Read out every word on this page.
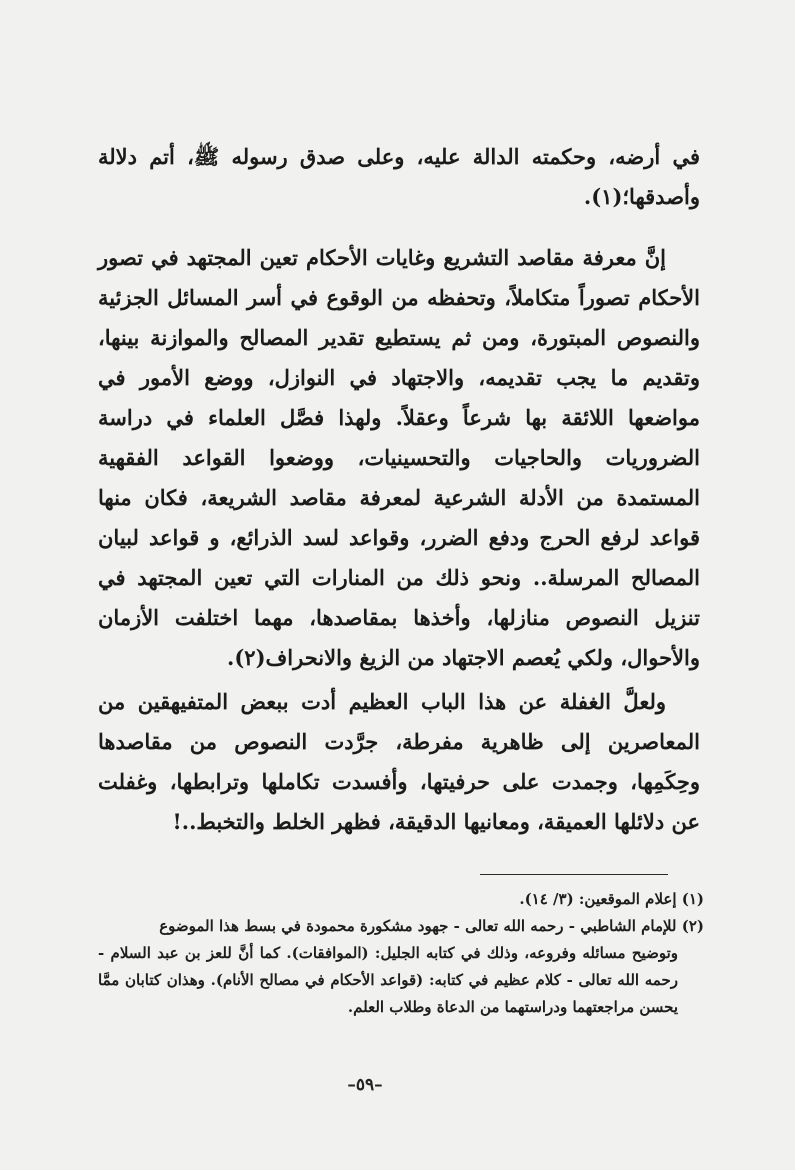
في أرضه، وحكمته الدالة عليه، وعلى صدق رسوله ﷺ، أتم دلالة وأصدقها؛(١).

إنَّ معرفة مقاصد التشريع وغايات الأحكام تعين المجتهد في تصور الأحكام تصوراً متكاملاً، وتحفظه من الوقوع في أسر المسائل الجزئية والنصوص المبتورة، ومن ثم يستطيع تقدير المصالح والموازنة بينها، وتقديم ما يجب تقديمه، والاجتهاد في النوازل، ووضع الأمور في مواضعها اللائقة بها شرعاً وعقلاً. ولهذا فصَّل العلماء في دراسة الضروريات والحاجيات والتحسينيات، ووضعوا القواعد الفقهية المستمدة من الأدلة الشرعية لمعرفة مقاصد الشريعة، فكان منها قواعد لرفع الحرج ودفع الضرر، وقواعد لسد الذرائع، و قواعد لبيان المصالح المرسلة.. ونحو ذلك من المنارات التي تعين المجتهد في تنزيل النصوص منازلها، وأخذها بمقاصدها، مهما اختلفت الأزمان والأحوال، ولكي يُعصم الاجتهاد من الزيغ والانحراف(٢).

ولعلَّ الغفلة عن هذا الباب العظيم أدت ببعض المتفيهقين من المعاصرين إلى ظاهرية مفرطة، جرَّدت النصوص من مقاصدها وحِكَمِها، وجمدت على حرفيتها، وأفسدت تكاملها وترابطها، وغفلت عن دلائلها العميقة، ومعانيها الدقيقة، فظهر الخلط والتخبط..!

(١) إعلام الموقعين: (٣/ ١٤).

(٢) للإمام الشاطبي - رحمه الله تعالى - جهود مشكورة محمودة في بسط هذا الموضوع

وتوضيح مسائله وفروعه، وذلك في كتابه الجليل: (الموافقات). كما أنَّ للعز بن عبد السلام - رحمه الله تعالى - كلام عظيم في كتابه: (قواعد الأحكام في مصالح الأنام). وهذان كتابان ممَّا يحسن مراجعتهما ودراستهما من الدعاة وطلاب العلم.

–٥٩–
